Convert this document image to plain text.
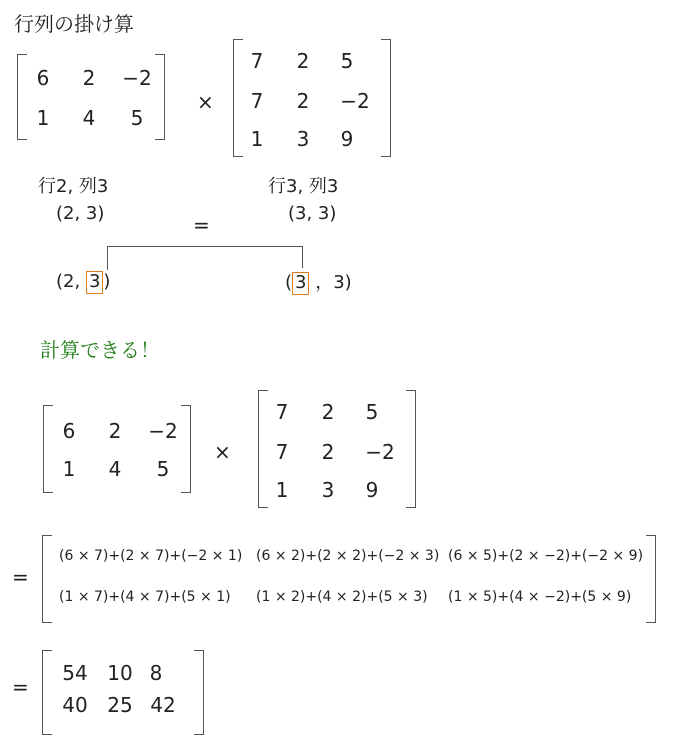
行列の掛け算
6	2	−2
1	4	5
×
7	2	5
7	2	−2
1	3	9
行2, 列3
(2, 3)	=
行3, 列3
(3, 3)
(2, 3 )	( 3 ，3)
計算できる！
6	2	−2
1	4	5
×
7	2	5
7	2	−2
1	3	9
=
(6 × 7)+(2 × 7)+(−2 × 1) (6 × 2)+(2 × 2)+(−2 × 3) (6 × 5)+(2 × −2)+(−2 × 9)
(1 × 7)+(4 × 7)+(5 × 1) (1 × 2)+(4 × 2)+(5 × 3) (1 × 5)+(4 × −2)+(5 × 9)
=
54 10 8
40 25 42
